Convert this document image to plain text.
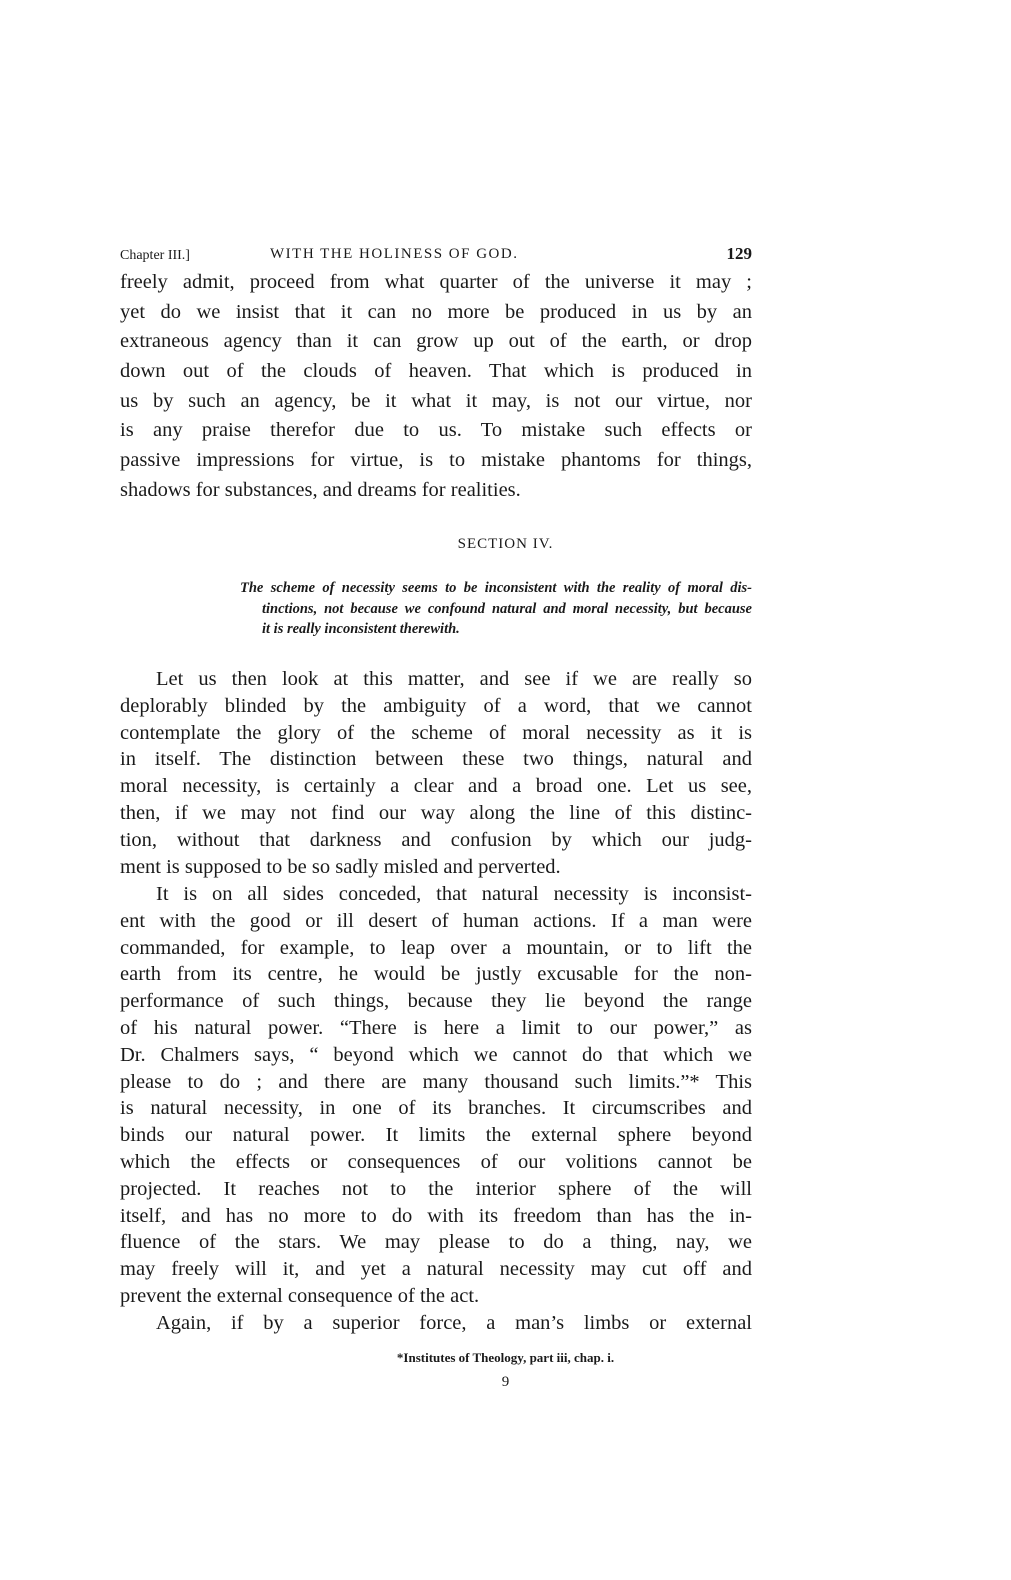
Chapter III.]	WITH THE HOLINESS OF GOD.	129
freely admit, proceed from what quarter of the universe it may ;
yet do we insist that it can no more be produced in us by an
extraneous agency than it can grow up out of the earth, or drop
down out of the clouds of heaven. That which is produced in
us by such an agency, be it what it may, is not our virtue, nor
is any praise therefor due to us. To mistake such effects or
passive impressions for virtue, is to mistake phantoms for things,
shadows for substances, and dreams for realities.
SECTION IV.
The scheme of necessity seems to be inconsistent with the reality of moral dis-
tinctions, not because we confound natural and moral necessity, but because
it is really inconsistent therewith.
Let us then look at this matter, and see if we are really so
deplorably blinded by the ambiguity of a word, that we cannot
contemplate the glory of the scheme of moral necessity as it is
in itself. The distinction between these two things, natural and
moral necessity, is certainly a clear and a broad one. Let us see,
then, if we may not find our way along the line of this distinc-
tion, without that darkness and confusion by which our judg-
ment is supposed to be so sadly misled and perverted.
It is on all sides conceded, that natural necessity is inconsist-
ent with the good or ill desert of human actions. If a man were
commanded, for example, to leap over a mountain, or to lift the
earth from its centre, he would be justly excusable for the non-
performance of such things, because they lie beyond the range
of his natural power. “There is here a limit to our power,” as
Dr. Chalmers says, “ beyond which we cannot do that which we
please to do ; and there are many thousand such limits.”* This
is natural necessity, in one of its branches. It circumscribes and
binds our natural power. It limits the external sphere beyond
which the effects or consequences of our volitions cannot be
projected. It reaches not to the interior sphere of the will
itself, and has no more to do with its freedom than has the in-
fluence of the stars. We may please to do a thing, nay, we
may freely will it, and yet a natural necessity may cut off and
prevent the external consequence of the act.
Again, if by a superior force, a man’s limbs or external
*Institutes of Theology, part iii, chap. i.
9
